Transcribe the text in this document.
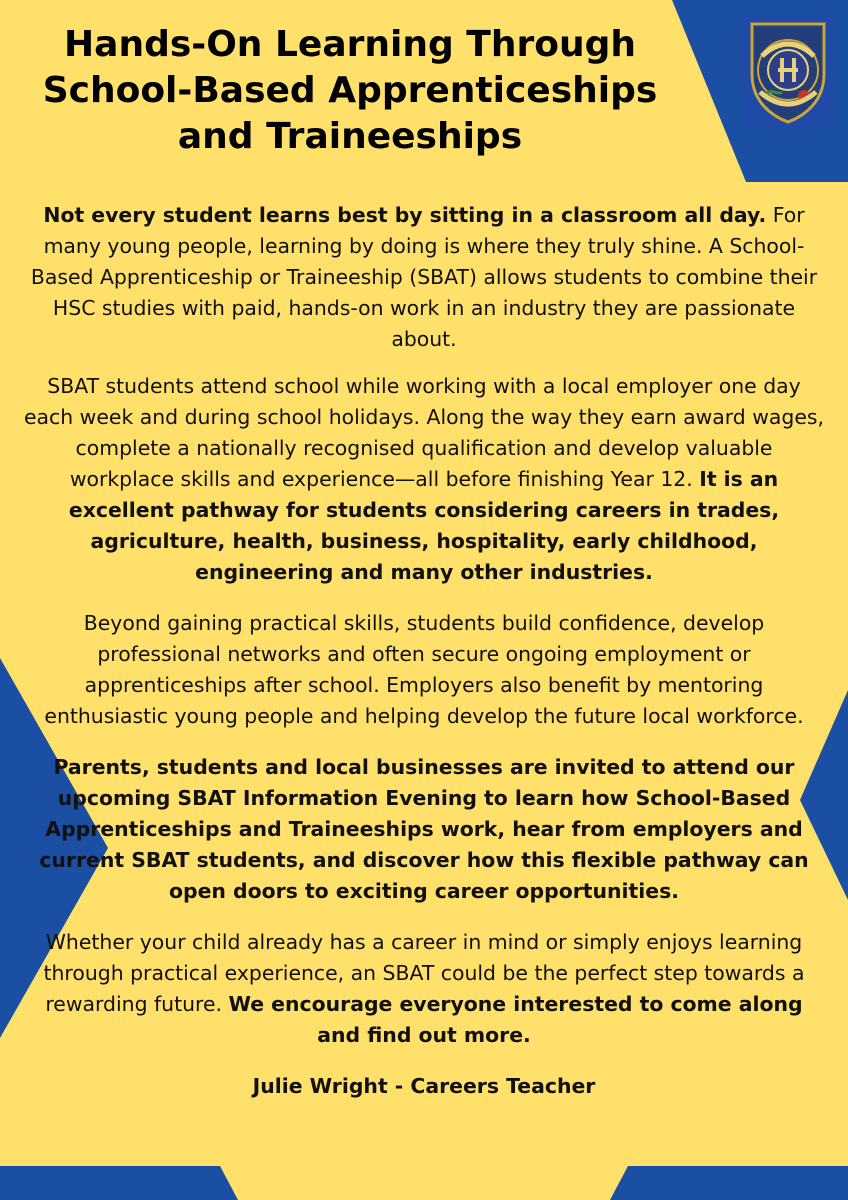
Hands-On Learning Through
School-Based Apprenticeships
and Traineeships

Not every student learns best by sitting in a classroom all day. For many young people, learning by doing is where they truly shine. A School-Based Apprenticeship or Traineeship (SBAT) allows students to combine their HSC studies with paid, hands-on work in an industry they are passionate about.

SBAT students attend school while working with a local employer one day each week and during school holidays. Along the way they earn award wages, complete a nationally recognised qualification and develop valuable workplace skills and experience—all before finishing Year 12. It is an excellent pathway for students considering careers in trades, agriculture, health, business, hospitality, early childhood, engineering and many other industries.

Beyond gaining practical skills, students build confidence, develop professional networks and often secure ongoing employment or apprenticeships after school. Employers also benefit by mentoring enthusiastic young people and helping develop the future local workforce.

Parents, students and local businesses are invited to attend our upcoming SBAT Information Evening to learn how School-Based Apprenticeships and Traineeships work, hear from employers and current SBAT students, and discover how this flexible pathway can open doors to exciting career opportunities.

Whether your child already has a career in mind or simply enjoys learning through practical experience, an SBAT could be the perfect step towards a rewarding future. We encourage everyone interested to come along and find out more.

Julie Wright - Careers Teacher
